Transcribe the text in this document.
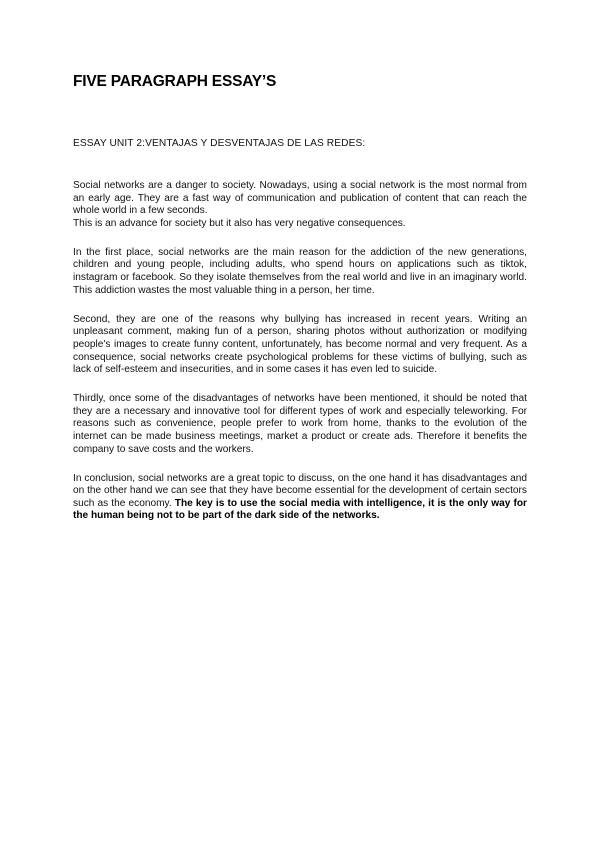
FIVE PARAGRAPH ESSAY’S

ESSAY UNIT 2:VENTAJAS Y DESVENTAJAS DE LAS REDES:

Social networks are a danger to society. Nowadays, using a social network is the most normal from an early age. They are a fast way of communication and publication of content that can reach the whole world in a few seconds.

This is an advance for society but it also has very negative consequences.

In the first place, social networks are the main reason for the addiction of the new generations, children and young people, including adults, who spend hours on applications such as tiktok, instagram or facebook. So they isolate themselves from the real world and live in an imaginary world. This addiction wastes the most valuable thing in a person, her time.

Second, they are one of the reasons why bullying has increased in recent years. Writing an unpleasant comment, making fun of a person, sharing photos without authorization or modifying people's images to create funny content, unfortunately, has become normal and very frequent. As a consequence, social networks create psychological problems for these victims of bullying, such as lack of self-esteem and insecurities, and in some cases it has even led to suicide.

Thirdly, once some of the disadvantages of networks have been mentioned, it should be noted that they are a necessary and innovative tool for different types of work and especially teleworking. For reasons such as convenience, people prefer to work from home, thanks to the evolution of the internet can be made business meetings, market a product or create ads. Therefore it benefits the company to save costs and the workers.

In conclusion, social networks are a great topic to discuss, on the one hand it has disadvantages and on the other hand we can see that they have become essential for the development of certain sectors such as the economy. The key is to use the social media with intelligence, it is the only way for the human being not to be part of the dark side of the networks.
